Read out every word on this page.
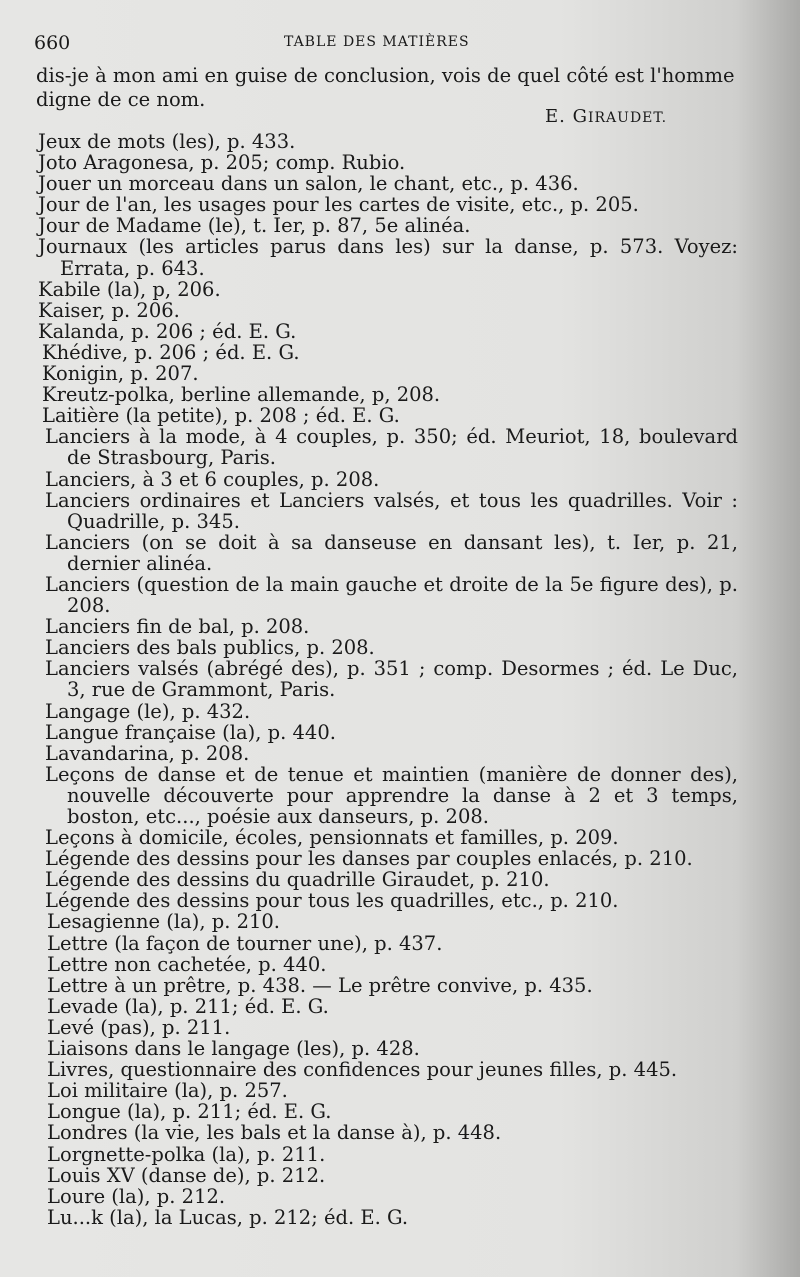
660	TABLE DES MATIÈRES
dis-je à mon ami en guise de conclusion, vois de quel côté est l'homme digne de ce nom.
E. GIRAUDET.
Jeux de mots (les), p. 433.
Joto Aragonesa, p. 205; comp. Rubio.
Jouer un morceau dans un salon, le chant, etc., p. 436.
Jour de l'an, les usages pour les cartes de visite, etc., p. 205.
Jour de Madame (le), t. Ier, p. 87, 5e alinéa.
Journaux (les articles parus dans les) sur la danse, p. 573. Voyez: Errata, p. 643.
Kabile (la), p, 206.
Kaiser, p. 206.
Kalanda, p. 206 ; éd. E. G.
Khédive, p. 206 ; éd. E. G.
Konigin, p. 207.
Kreutz-polka, berline allemande, p, 208.
Laitière (la petite), p. 208 ; éd. E. G.
Lanciers à la mode, à 4 couples, p. 350; éd. Meuriot, 18, boulevard de Strasbourg, Paris.
Lanciers, à 3 et 6 couples, p. 208.
Lanciers ordinaires et Lanciers valsés, et tous les quadrilles. Voir : Quadrille, p. 345.
Lanciers (on se doit à sa danseuse en dansant les), t. Ier, p. 21, dernier alinéa.
Lanciers (question de la main gauche et droite de la 5e figure des), p. 208.
Lanciers fin de bal, p. 208.
Lanciers des bals publics, p. 208.
Lanciers valsés (abrégé des), p. 351 ; comp. Desormes ; éd. Le Duc, 3, rue de Grammont, Paris.
Langage (le), p. 432.
Langue française (la), p. 440.
Lavandarina, p. 208.
Leçons de danse et de tenue et maintien (manière de donner des), nouvelle découverte pour apprendre la danse à 2 et 3 temps, boston, etc..., poésie aux danseurs, p. 208.
Leçons à domicile, écoles, pensionnats et familles, p. 209.
Légende des dessins pour les danses par couples enlacés, p. 210.
Légende des dessins du quadrille Giraudet, p. 210.
Légende des dessins pour tous les quadrilles, etc., p. 210.
Lesagienne (la), p. 210.
Lettre (la façon de tourner une), p. 437.
Lettre non cachetée, p. 440.
Lettre à un prêtre, p. 438. — Le prêtre convive, p. 435.
Levade (la), p. 211; éd. E. G.
Levé (pas), p. 211.
Liaisons dans le langage (les), p. 428.
Livres, questionnaire des confidences pour jeunes filles, p. 445.
Loi militaire (la), p. 257.
Longue (la), p. 211; éd. E. G.
Londres (la vie, les bals et la danse à), p. 448.
Lorgnette-polka (la), p. 211.
Louis XV (danse de), p. 212.
Loure (la), p. 212.
Lu...k (la), la Lucas, p. 212; éd. E. G.
